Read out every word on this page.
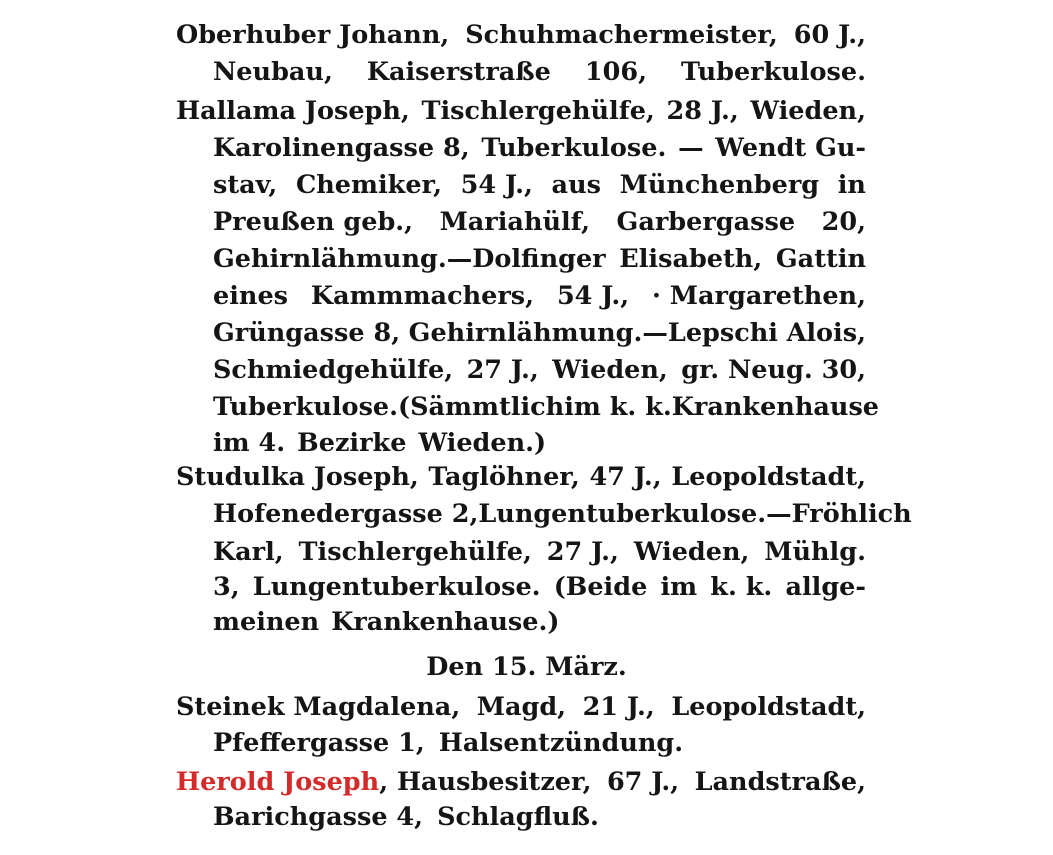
Oberhuber Johann, Schuhmachermeister, 60 J.,
Neubau, Kaiserstraße 106, Tuberkulose.
Hallama Joseph, Tischlergehülfe, 28 J., Wieden,
Karolinengasse 8, Tuberkulose. — Wendt Gu-
stav, Chemiker, 54 J., aus Münchenberg in
Preußen geb., Mariahülf, Garbergasse 20,
Gehirnlähmung.—Dolfinger Elisabeth, Gattin
eines Kammmachers, 54 J., · Margarethen,
Grüngasse 8, Gehirnlähmung.—Lepschi Alois,
Schmiedgehülfe, 27 J., Wieden, gr. Neug. 30,
Tuberkulose. (Sämmtlich im k. k. Krankenhause
im 4. Bezirke Wieden.)
Studulka Joseph, Taglöhner, 47 J., Leopoldstadt,
Hofenedergasse 2, Lungentuberkulose.— Fröhlich
Karl, Tischlergehülfe, 27 J., Wieden, Mühlg.
3, Lungentuberkulose. (Beide im k. k. allge-
meinen Krankenhause.)
Den 15. März.
Steinek Magdalena, Magd, 21 J., Leopoldstadt,
Pfeffergasse 1, Halsentzündung.
Herold Joseph, Hausbesitzer, 67 J., Landstraße,
Barichgasse 4, Schlagfluß.
